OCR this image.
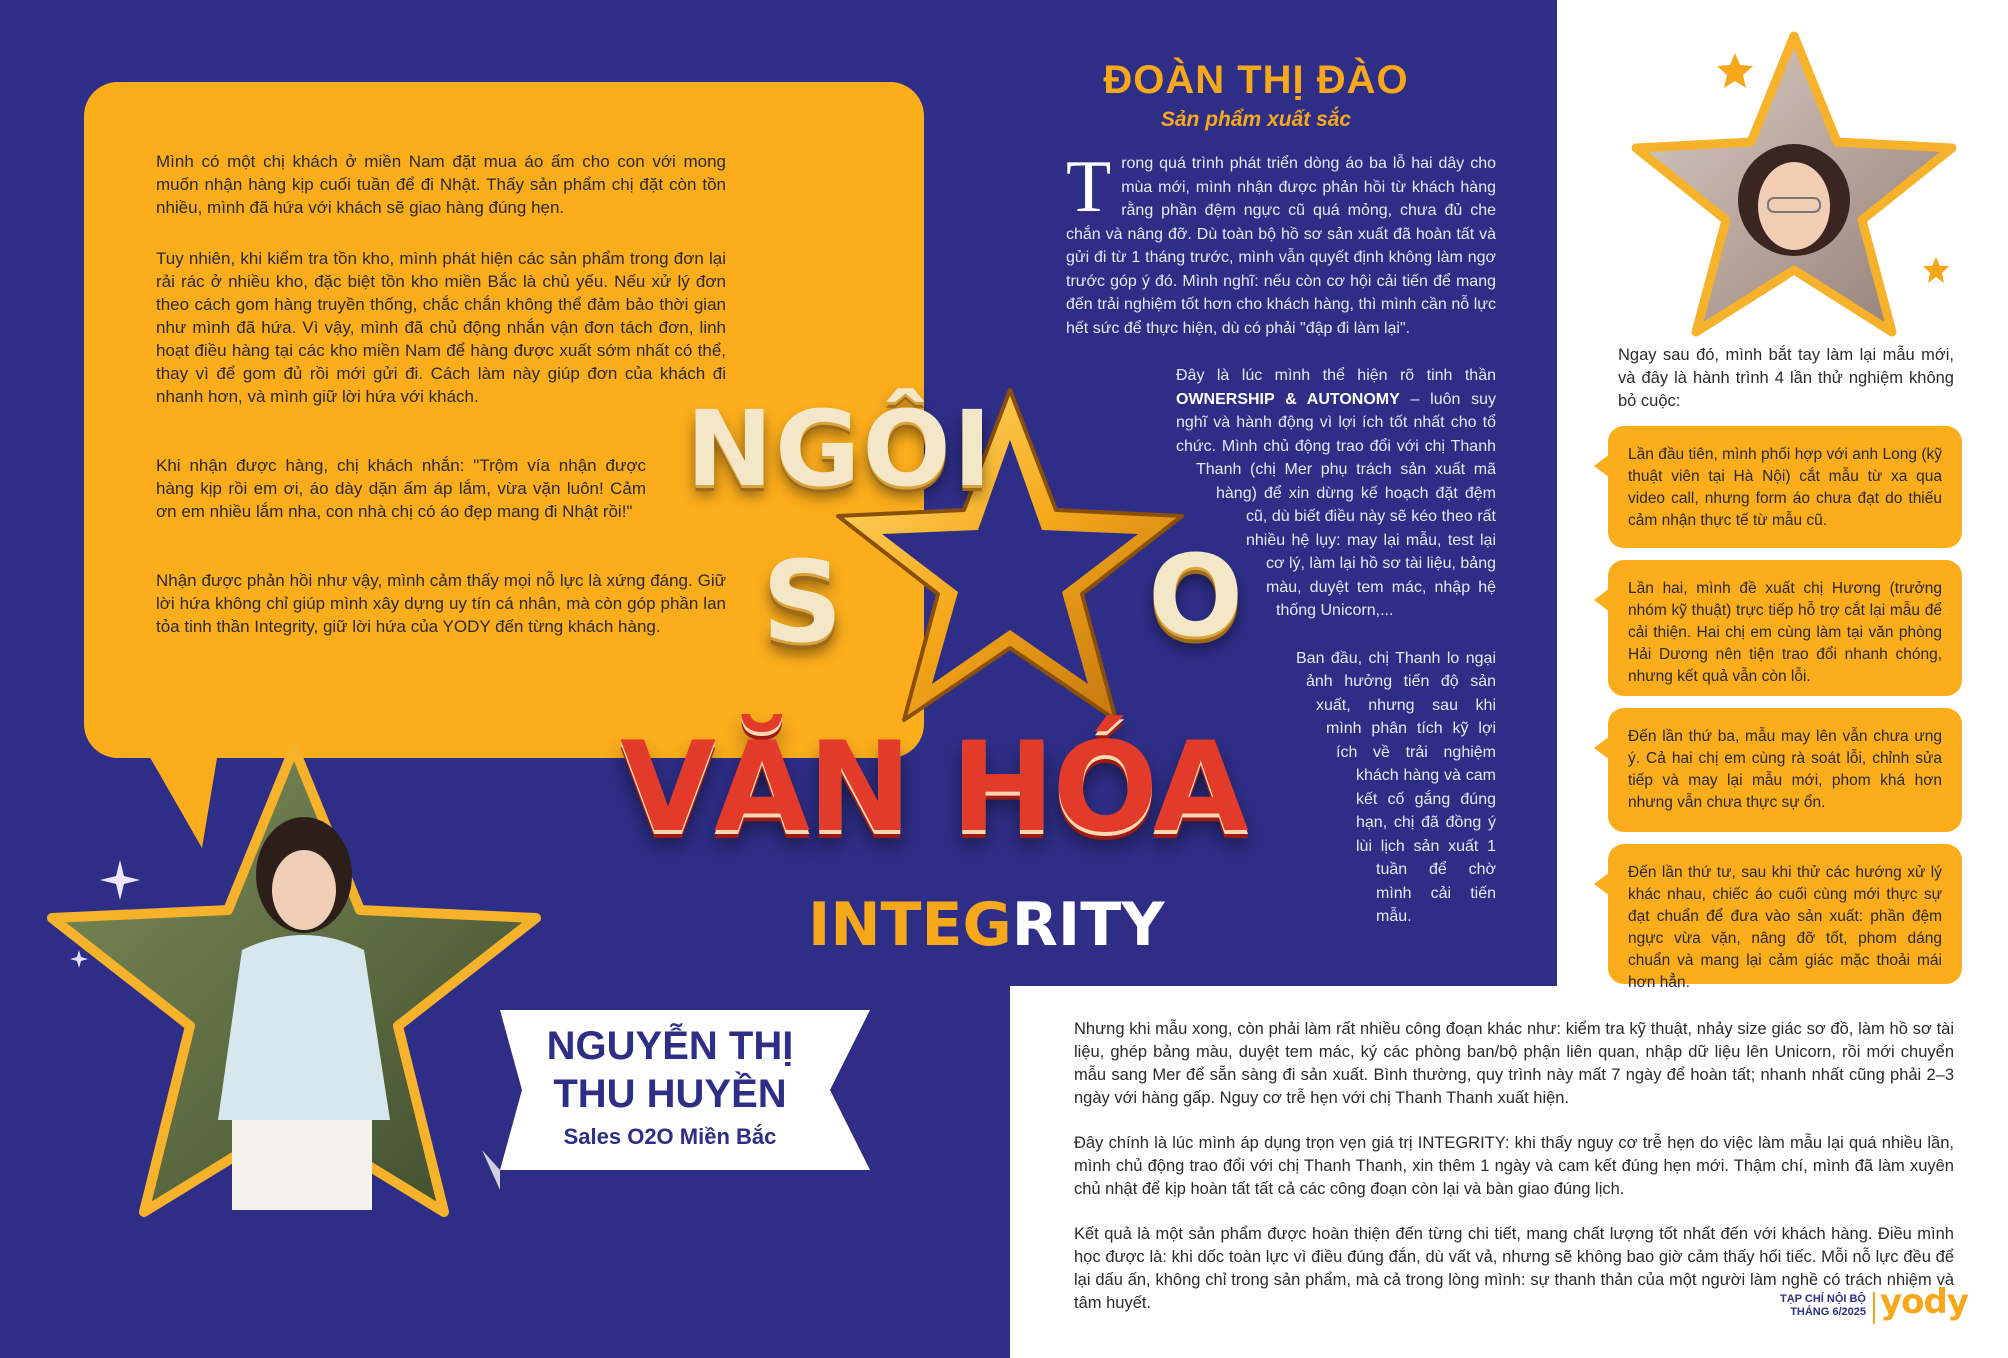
Mình có một chị khách ở miền Nam đặt mua áo ấm cho con với mong muốn nhận hàng kịp cuối tuần để đi Nhật. Thấy sản phẩm chị đặt còn tồn nhiều, mình đã hứa với khách sẽ giao hàng đúng hẹn.

Tuy nhiên, khi kiểm tra tồn kho, mình phát hiện các sản phẩm trong đơn lại rải rác ở nhiều kho, đặc biệt tồn kho miền Bắc là chủ yếu. Nếu xử lý đơn theo cách gom hàng truyền thống, chắc chắn không thể đảm bảo thời gian như mình đã hứa. Vì vậy, mình đã chủ động nhắn vận đơn tách đơn, linh hoạt điều hàng tại các kho miền Nam để hàng được xuất sớm nhất có thể, thay vì để gom đủ rồi mới gửi đi. Cách làm này giúp đơn của khách đi nhanh hơn, và mình giữ lời hứa với khách.

Khi nhận được hàng, chị khách nhắn: "Trộm vía nhận được hàng kịp rồi em ơi, áo dày dặn ấm áp lắm, vừa vặn luôn! Cảm ơn em nhiều lắm nha, con nhà chị có áo đẹp mang đi Nhật rồi!"

Nhận được phản hồi như vậy, mình cảm thấy mọi nỗ lực là xứng đáng. Giữ lời hứa không chỉ giúp mình xây dựng uy tín cá nhân, mà còn góp phần lan tỏa tinh thần Integrity, giữ lời hứa của YODY đến từng khách hàng.

ĐOÀN THỊ ĐÀO
Sản phẩm xuất sắc

T rong quá trình phát triển dòng áo ba lỗ hai dây cho mùa mới, mình nhận được phản hồi từ khách hàng rằng phần đệm ngực cũ quá mỏng, chưa đủ che chắn và nâng đỡ. Dù toàn bộ hồ sơ sản xuất đã hoàn tất và gửi đi từ 1 tháng trước, mình vẫn quyết định không làm ngơ trước góp ý đó. Mình nghĩ: nếu còn cơ hội cải tiến để mang đến trải nghiệm tốt hơn cho khách hàng, thì mình cần nỗ lực hết sức để thực hiện, dù có phải "đập đi làm lại".

Đây là lúc mình thể hiện rõ tinh thần OWNERSHIP & AUTONOMY – luôn suy nghĩ và hành động vì lợi ích tốt nhất cho tổ chức. Mình chủ động trao đổi với chị Thanh Thanh (chị Mer phụ trách sản xuất mã hàng) để xin dừng kế hoạch đặt đệm cũ, dù biết điều này sẽ kéo theo rất nhiều hệ lụy: may lại mẫu, test lại cơ lý, làm lại hồ sơ tài liệu, bảng màu, duyệt tem mác, nhập hệ thống Unicorn,...

Ban đầu, chị Thanh lo ngại ảnh hưởng tiến độ sản xuất, nhưng sau khi mình phân tích kỹ lợi ích về trải nghiệm khách hàng và cam kết cố gắng đúng hạn, chị đã đồng ý lùi lịch sản xuất 1 tuần để chờ mình cải tiến mẫu.

Ngay sau đó, mình bắt tay làm lại mẫu mới, và đây là hành trình 4 lần thử nghiệm không bỏ cuộc:
Lần đầu tiên, mình phối hợp với anh Long (kỹ thuật viên tại Hà Nội) cắt mẫu từ xa qua video call, nhưng form áo chưa đạt do thiếu cảm nhận thực tế từ mẫu cũ.
Lần hai, mình đề xuất chị Hương (trưởng nhóm kỹ thuật) trực tiếp hỗ trợ cắt lại mẫu để cải thiện. Hai chị em cùng làm tại văn phòng Hải Dương nên tiện trao đổi nhanh chóng, nhưng kết quả vẫn còn lỗi.
Đến lần thứ ba, mẫu may lên vẫn chưa ưng ý. Cả hai chị em cùng rà soát lỗi, chỉnh sửa tiếp và may lại mẫu mới, phom khá hơn nhưng vẫn chưa thực sự ổn.
Đến lần thứ tư, sau khi thử các hướng xử lý khác nhau, chiếc áo cuối cùng mới thực sự đạt chuẩn để đưa vào sản xuất: phần đệm ngực vừa vặn, nâng đỡ tốt, phom dáng chuẩn và mang lại cảm giác mặc thoải mái hơn hẳn.

Nhưng khi mẫu xong, còn phải làm rất nhiều công đoạn khác như: kiểm tra kỹ thuật, nhảy size giác sơ đồ, làm hồ sơ tài liệu, ghép bảng màu, duyệt tem mác, ký các phòng ban/bộ phận liên quan, nhập dữ liệu lên Unicorn, rồi mới chuyển mẫu sang Mer để sẵn sàng đi sản xuất. Bình thường, quy trình này mất 7 ngày để hoàn tất; nhanh nhất cũng phải 2–3 ngày với hàng gấp. Nguy cơ trễ hẹn với chị Thanh Thanh xuất hiện.

Đây chính là lúc mình áp dụng trọn vẹn giá trị INTEGRITY: khi thấy nguy cơ trễ hẹn do việc làm mẫu lại quá nhiều lần, mình chủ động trao đổi với chị Thanh Thanh, xin thêm 1 ngày và cam kết đúng hẹn mới. Thậm chí, mình đã làm xuyên chủ nhật để kịp hoàn tất tất cả các công đoạn còn lại và bàn giao đúng lịch.

Kết quả là một sản phẩm được hoàn thiện đến từng chi tiết, mang chất lượng tốt nhất đến với khách hàng. Điều mình học được là: khi dốc toàn lực vì điều đúng đắn, dù vất vả, nhưng sẽ không bao giờ cảm thấy hối tiếc. Mỗi nỗ lực đều để lại dấu ấn, không chỉ trong sản phẩm, mà cả trong lòng mình: sự thanh thản của một người làm nghề có trách nhiệm và tâm huyết.

NGÔI
S	O
VĂN HÓA
INTEGRITY
NGUYỄN THỊ
THU HUYỀN
Sales O2O Miền Bắc
TẠP CHÍ NỘI BỘ
THÁNG 6/2025 yody
